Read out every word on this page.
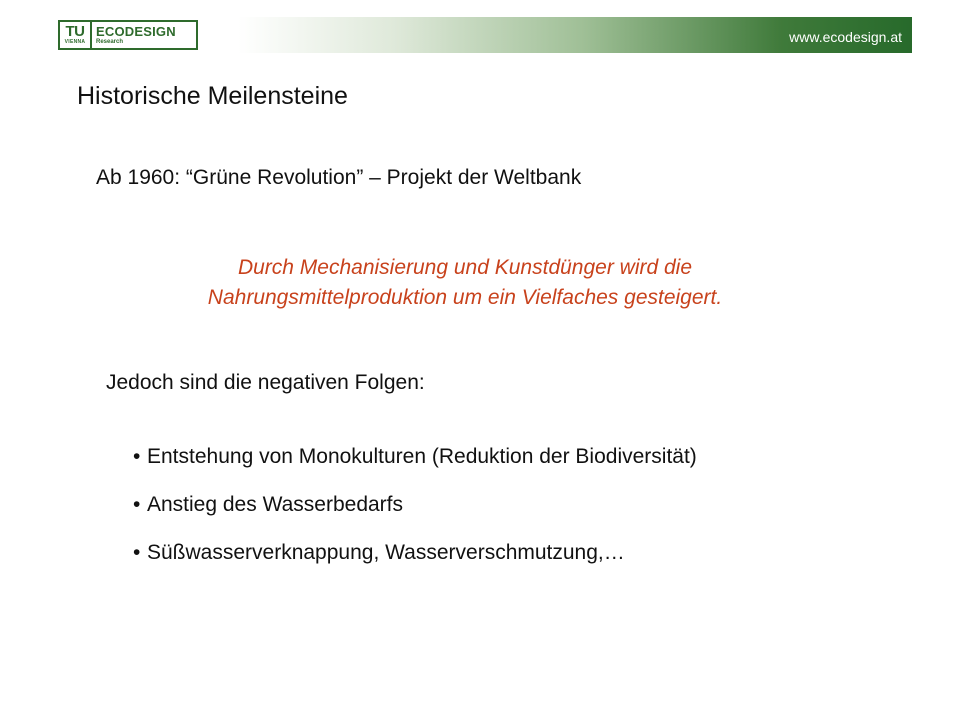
TU
VIENNA
ECODESIGN
Research	www.ecodesign.at
Historische Meilensteine
Ab 1960: “Grüne Revolution” – Projekt der Weltbank
Durch Mechanisierung und Kunstdünger wird die Nahrungsmittelproduktion um ein Vielfaches gesteigert.
Jedoch sind die negativen Folgen:
• Entstehung von Monokulturen (Reduktion der Biodiversität)
• Anstieg des Wasserbedarfs
• Süßwasserverknappung, Wasserverschmutzung,…
